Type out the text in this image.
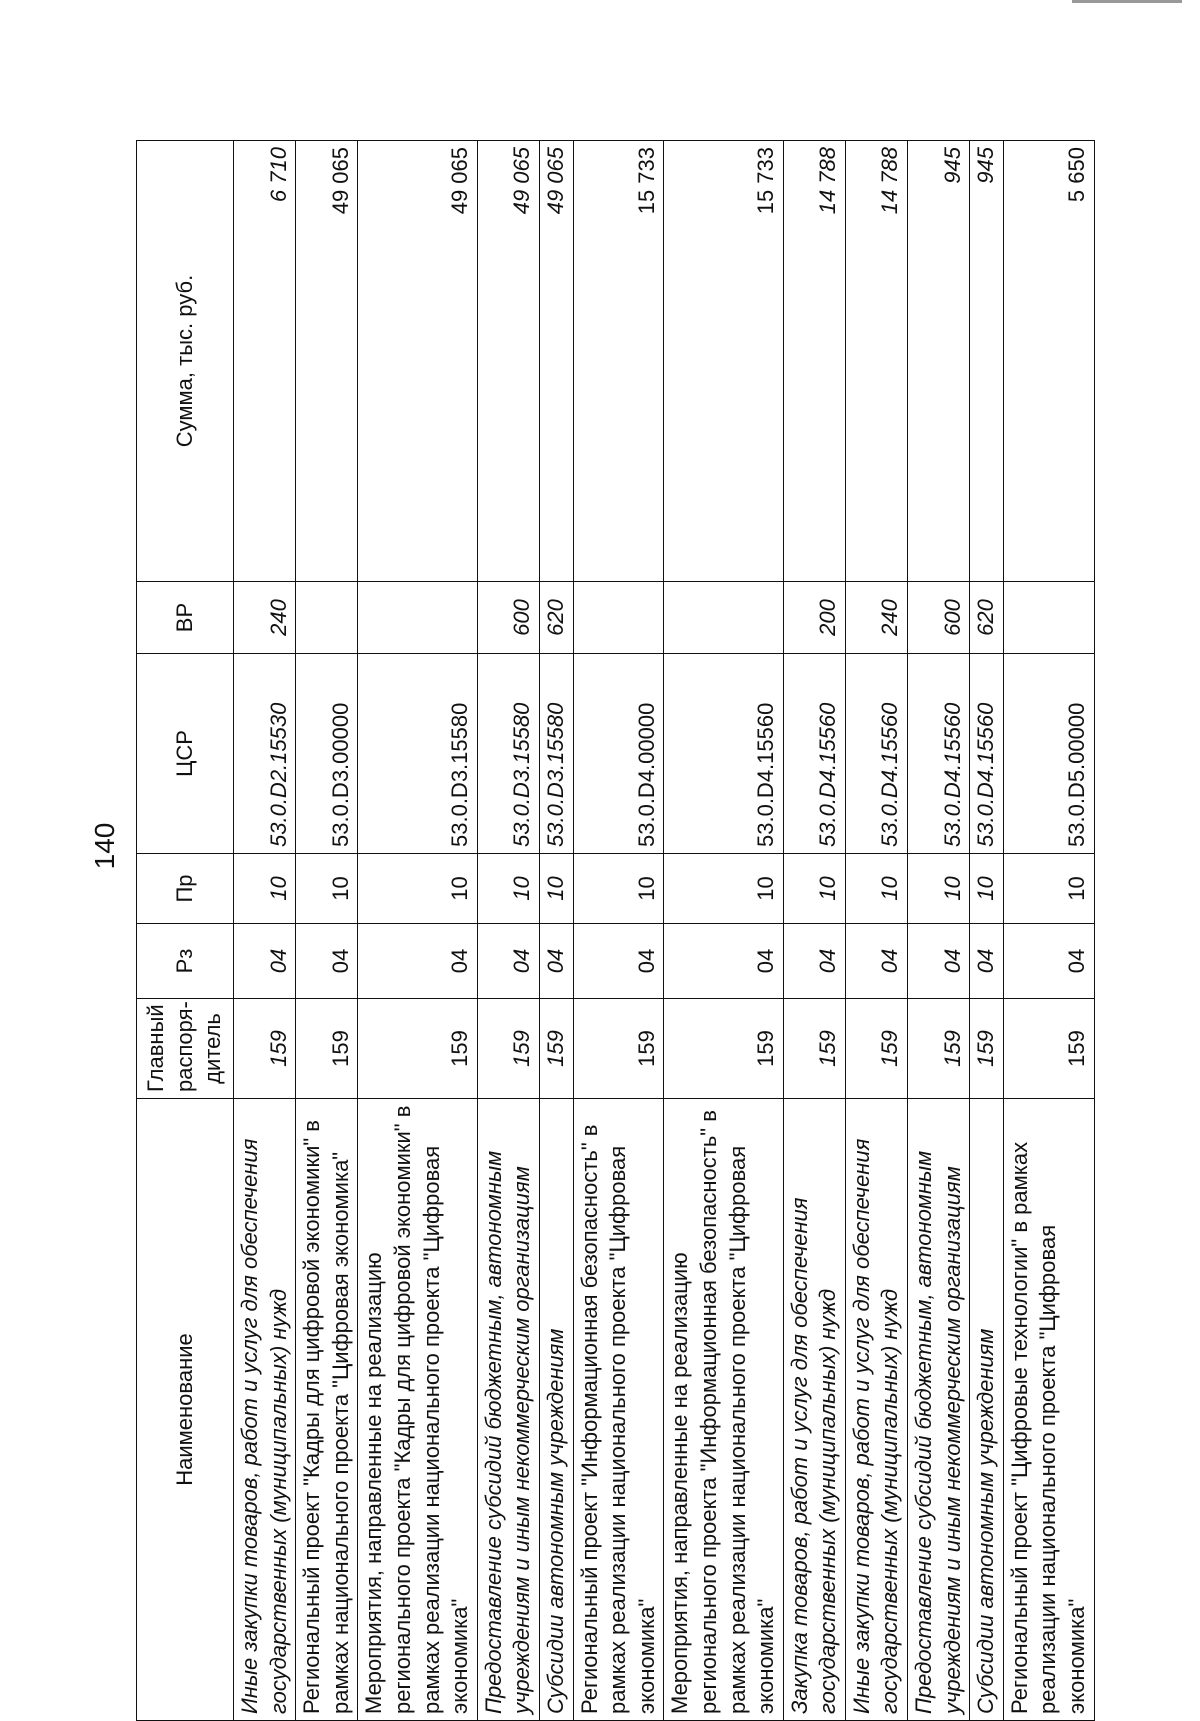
140
Наименование	Главный распоря-дитель	Рз	Пр	ЦСР	ВР	Сумма, тыс. руб.
Иные закупки товаров, работ и услуг для обеспечения государственных (муниципальных) нужд	159	04	10	53.0.D2.15530	240	6 710
Региональный проект "Кадры для цифровой экономики" в рамках национального проекта "Цифровая экономика"	159	04	10	53.0.D3.00000		49 065
Мероприятия, направленные на реализацию регионального проекта "Кадры для цифровой экономики" в рамках реализации национального проекта "Цифровая экономика"	159	04	10	53.0.D3.15580		49 065
Предоставление субсидий бюджетным, автономным учреждениям и иным некоммерческим организациям	159	04	10	53.0.D3.15580	600	49 065
Субсидии автономным учреждениям	159	04	10	53.0.D3.15580	620	49 065
Региональный проект "Информационная безопасность" в рамках реализации национального проекта "Цифровая экономика"	159	04	10	53.0.D4.00000		15 733
Мероприятия, направленные на реализацию регионального проекта "Информационная безопасность" в рамках реализации национального проекта "Цифровая экономика"	159	04	10	53.0.D4.15560		15 733
Закупка товаров, работ и услуг для обеспечения государственных (муниципальных) нужд	159	04	10	53.0.D4.15560	200	14 788
Иные закупки товаров, работ и услуг для обеспечения государственных (муниципальных) нужд	159	04	10	53.0.D4.15560	240	14 788
Предоставление субсидий бюджетным, автономным учреждениям и иным некоммерческим организациям	159	04	10	53.0.D4.15560	600	945
Субсидии автономным учреждениям	159	04	10	53.0.D4.15560	620	945
Региональный проект "Цифровые технологии" в рамках реализации национального проекта "Цифровая экономика"	159	04	10	53.0.D5.00000		5 650
